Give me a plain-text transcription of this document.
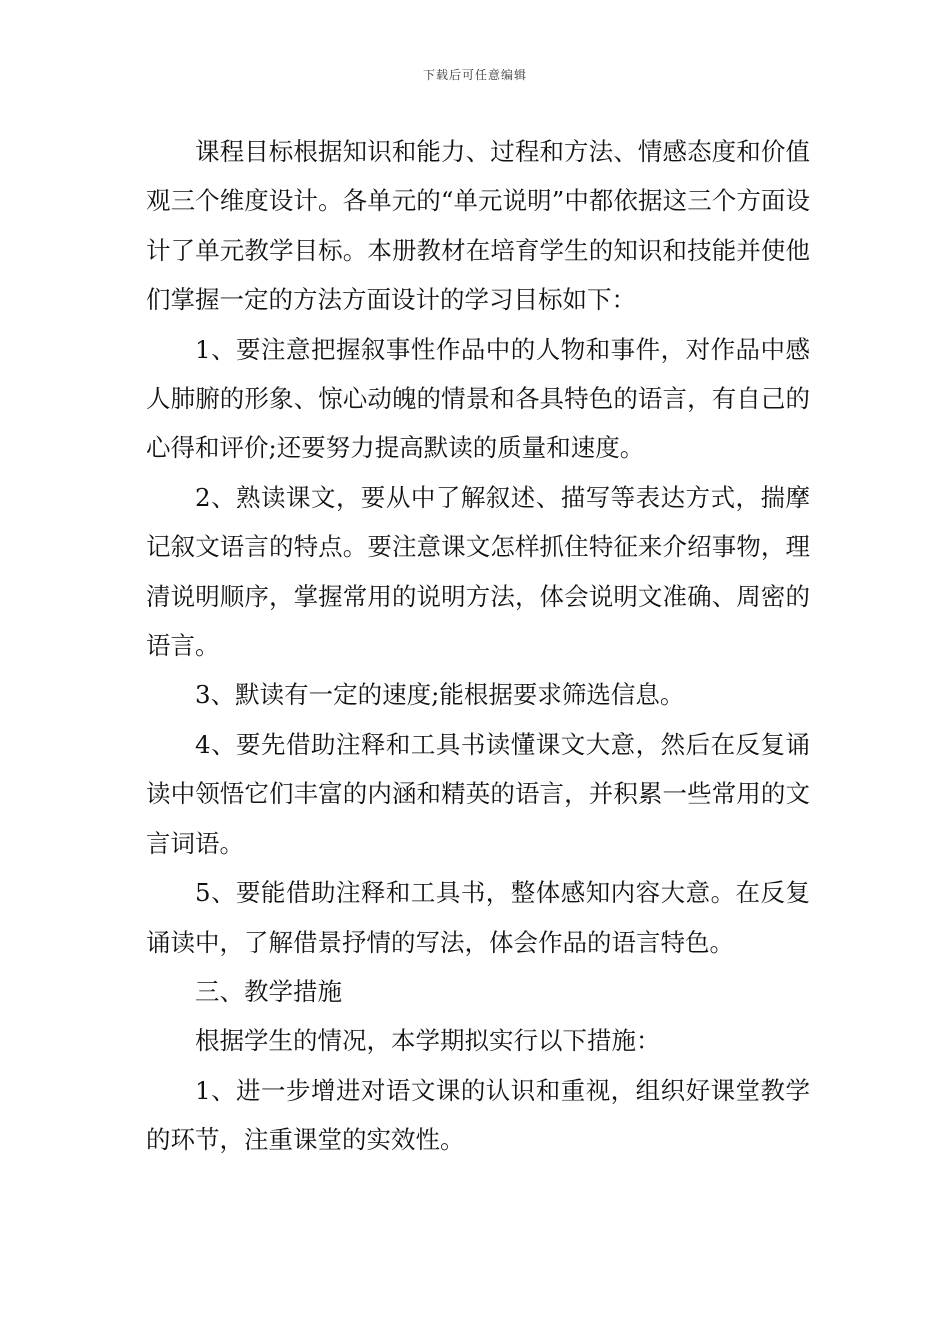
下载后可任意编辑

课程目标根据知识和能力、过程和方法、情感态度和价值观三个维度设计。各单元的“单元说明”中都依据这三个方面设计了单元教学目标。本册教材在培育学生的知识和技能并使他们掌握一定的方法方面设计的学习目标如下：

1、要注意把握叙事性作品中的人物和事件，对作品中感人肺腑的形象、惊心动魄的情景和各具特色的语言，有自己的心得和评价;还要努力提高默读的质量和速度。

2、熟读课文，要从中了解叙述、描写等表达方式，揣摩记叙文语言的特点。要注意课文怎样抓住特征来介绍事物，理清说明顺序，掌握常用的说明方法，体会说明文准确、周密的语言。

3、默读有一定的速度;能根据要求筛选信息。

4、要先借助注释和工具书读懂课文大意，然后在反复诵读中领悟它们丰富的内涵和精英的语言，并积累一些常用的文言词语。

5、要能借助注释和工具书，整体感知内容大意。在反复诵读中，了解借景抒情的写法，体会作品的语言特色。

三、教学措施

根据学生的情况，本学期拟实行以下措施：

1、进一步增进对语文课的认识和重视，组织好课堂教学的环节，注重课堂的实效性。
